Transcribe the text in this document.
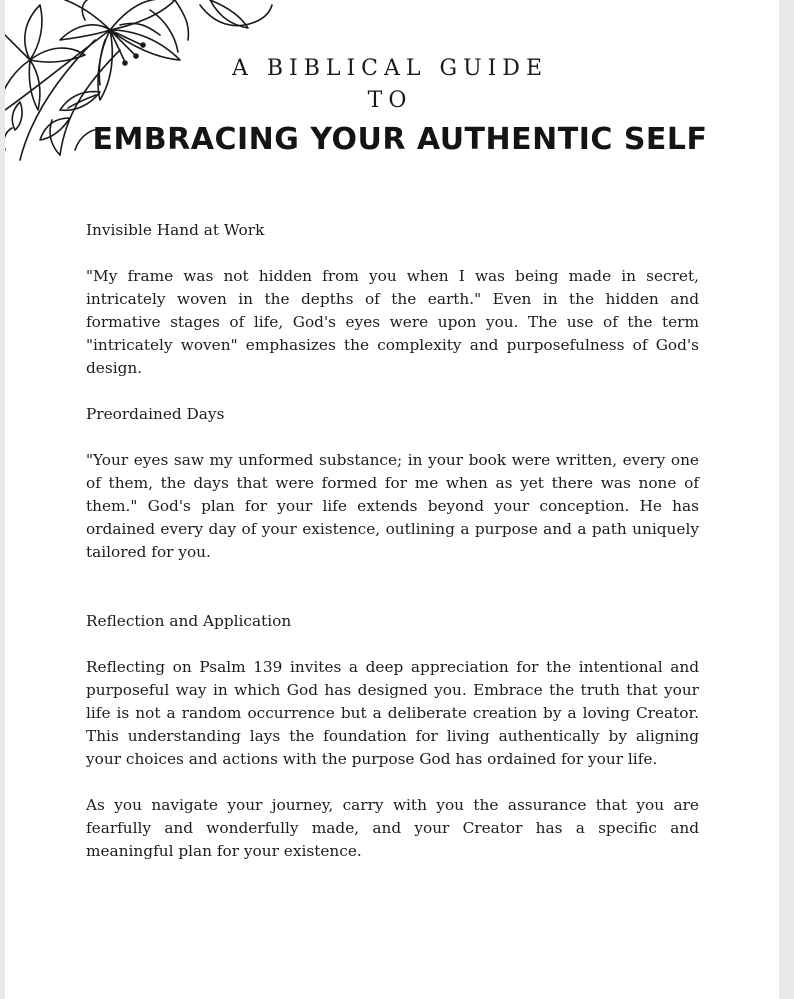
A BIBLICAL GUIDE
TO
EMBRACING YOUR AUTHENTIC SELF

Invisible Hand at Work

"My frame was not hidden from you when I was being made in secret, intricately woven in the depths of the earth." Even in the hidden and formative stages of life, God's eyes were upon you. The use of the term "intricately woven" emphasizes the complexity and purposefulness of God's design.

Preordained Days

"Your eyes saw my unformed substance; in your book were written, every one of them, the days that were formed for me when as yet there was none of them." God's plan for your life extends beyond your conception. He has ordained every day of your existence, outlining a purpose and a path uniquely tailored for you.

Reflection and Application

Reflecting on Psalm 139 invites a deep appreciation for the intentional and purposeful way in which God has designed you. Embrace the truth that your life is not a random occurrence but a deliberate creation by a loving Creator. This understanding lays the foundation for living authentically by aligning your choices and actions with the purpose God has ordained for your life.

As you navigate your journey, carry with you the assurance that you are fearfully and wonderfully made, and your Creator has a specific and meaningful plan for your existence.
